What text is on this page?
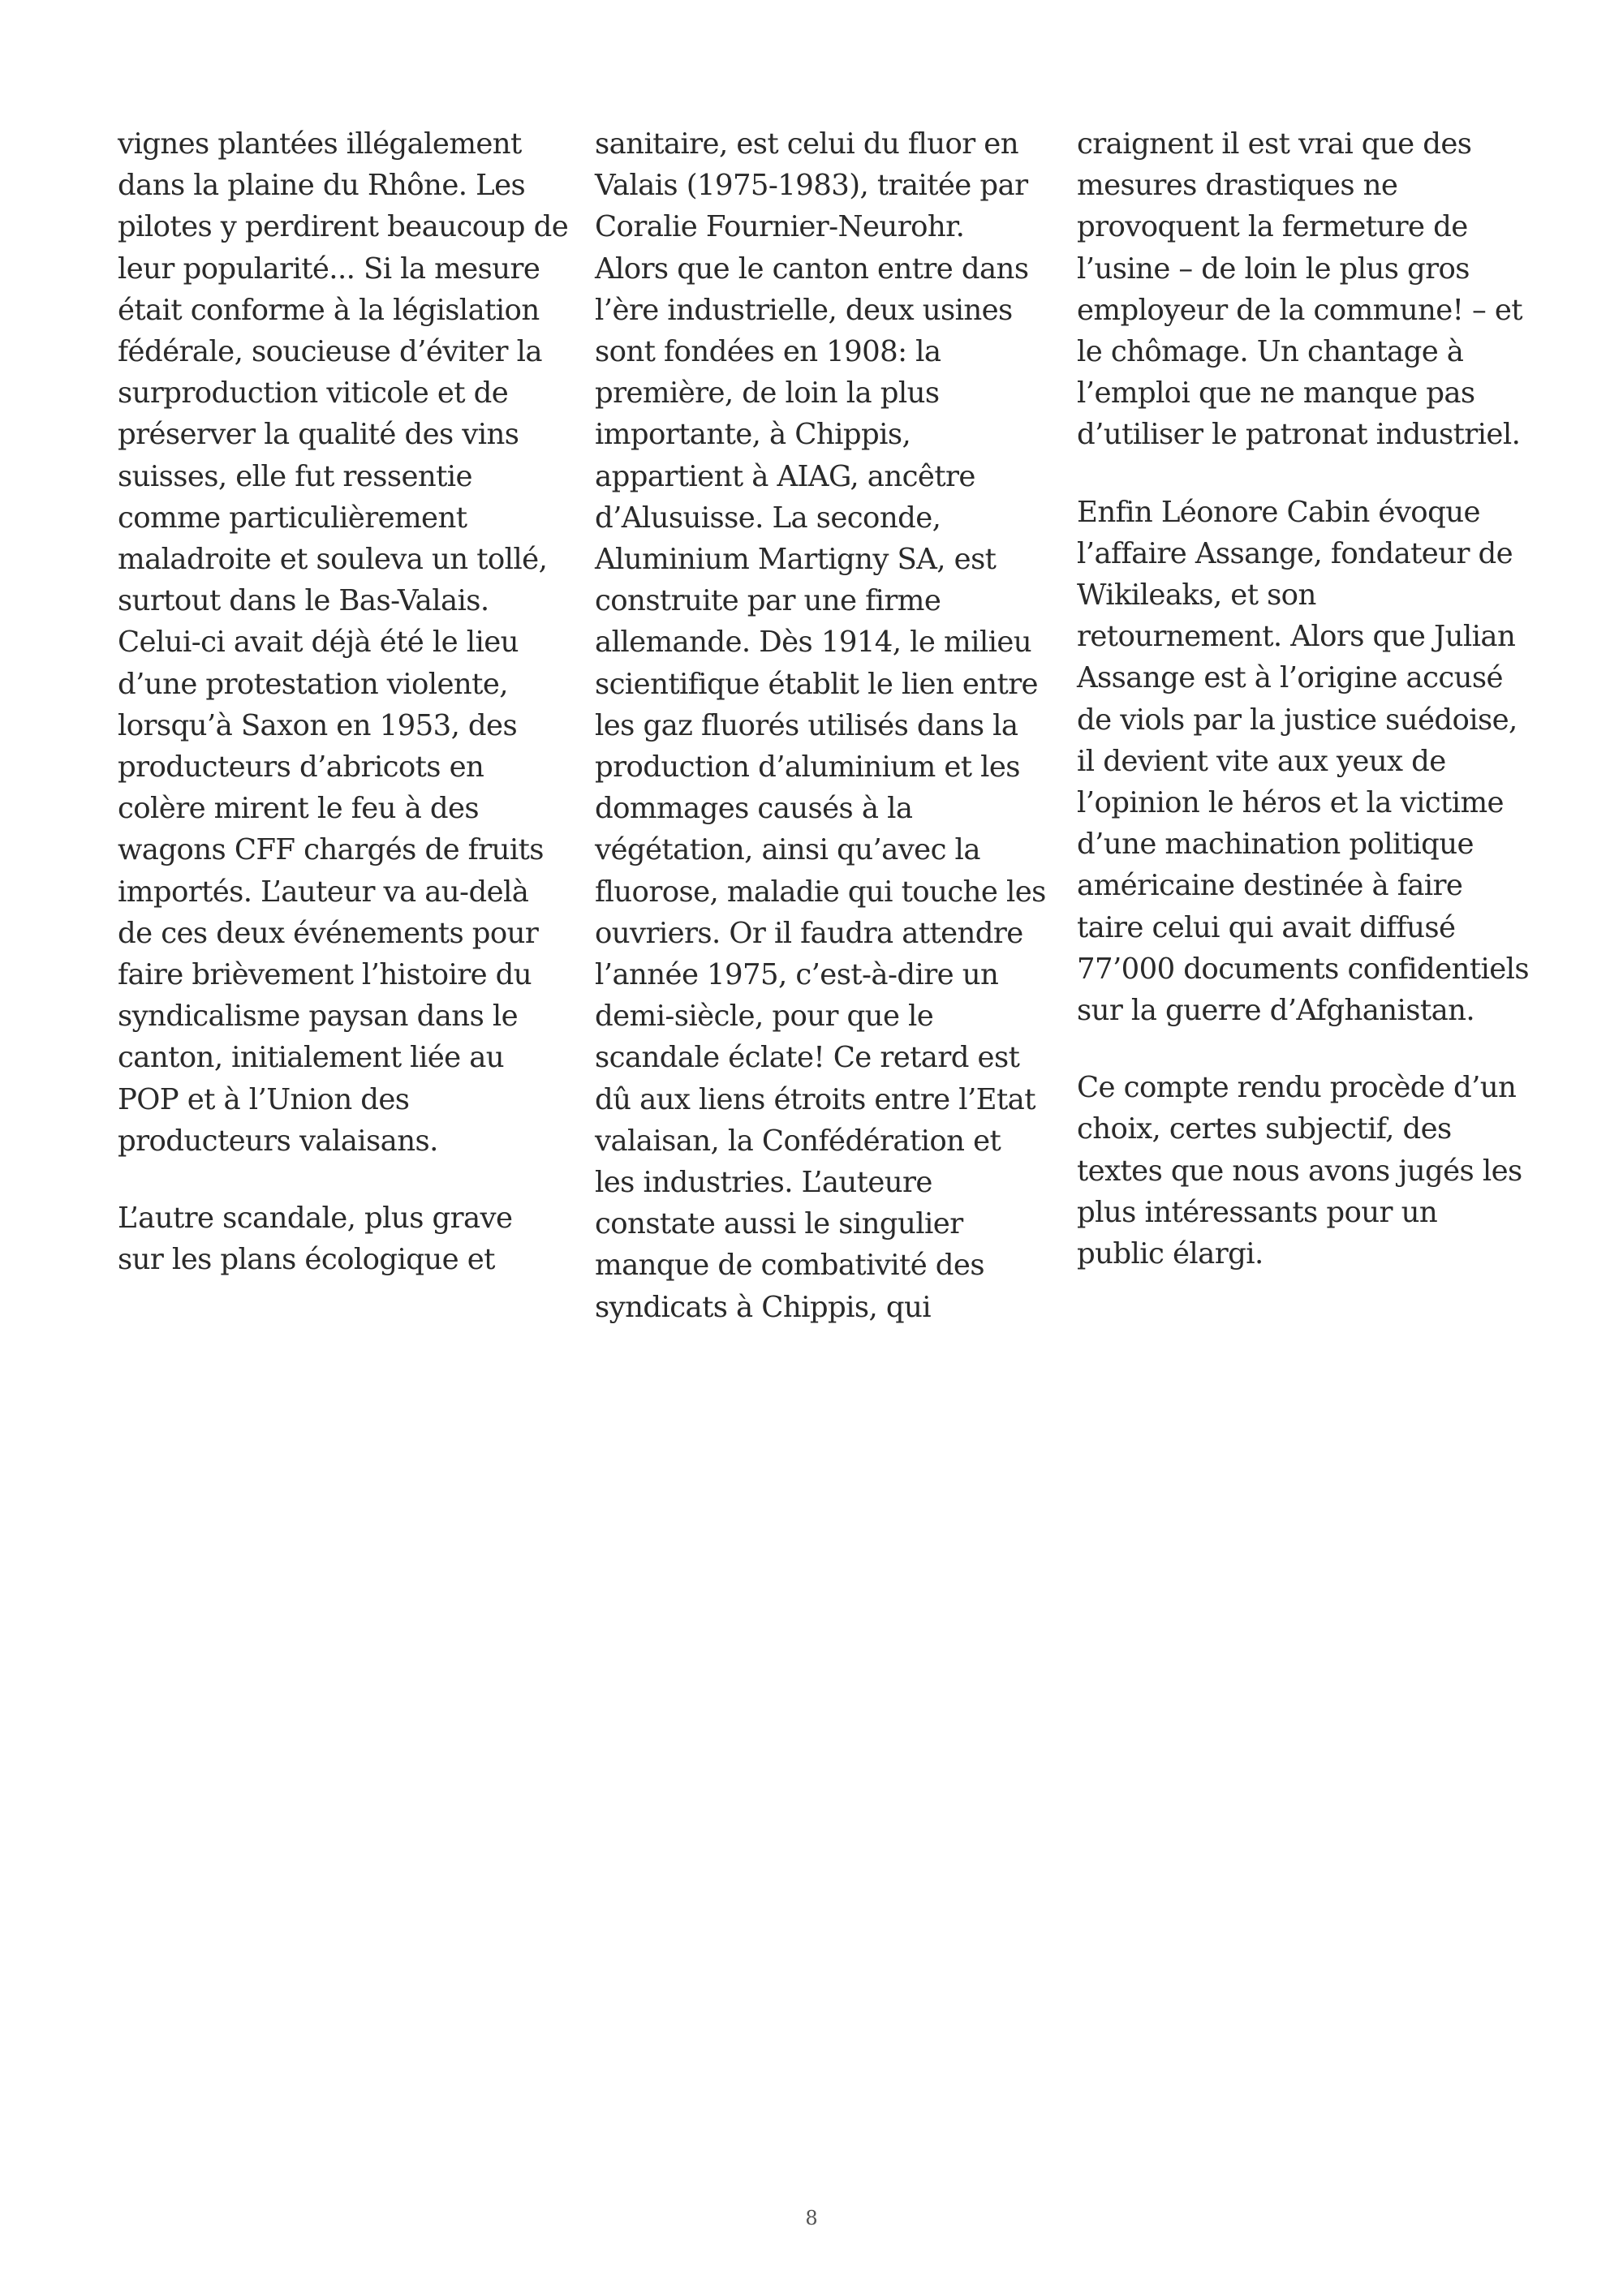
vignes plantées illégalement
dans la plaine du Rhône. Les
pilotes y perdirent beaucoup de
leur popularité... Si la mesure
était conforme à la législation
fédérale, soucieuse d’éviter la
surproduction viticole et de
préserver la qualité des vins
suisses, elle fut ressentie
comme particulièrement
maladroite et souleva un tollé,
surtout dans le Bas-Valais.
Celui-ci avait déjà été le lieu
d’une protestation violente,
lorsqu’à Saxon en 1953, des
producteurs d’abricots en
colère mirent le feu à des
wagons CFF chargés de fruits
importés. L’auteur va au-delà
de ces deux événements pour
faire brièvement l’histoire du
syndicalisme paysan dans le
canton, initialement liée au
POP et à l’Union des
producteurs valaisans.

L’autre scandale, plus grave
sur les plans écologique et

sanitaire, est celui du fluor en
Valais (1975-1983), traitée par
Coralie Fournier-Neurohr.
Alors que le canton entre dans
l’ère industrielle, deux usines
sont fondées en 1908: la
première, de loin la plus
importante, à Chippis,
appartient à AIAG, ancêtre
d’Alusuisse. La seconde,
Aluminium Martigny SA, est
construite par une firme
allemande. Dès 1914, le milieu
scientifique établit le lien entre
les gaz fluorés utilisés dans la
production d’aluminium et les
dommages causés à la
végétation, ainsi qu’avec la
fluorose, maladie qui touche les
ouvriers. Or il faudra attendre
l’année 1975, c’est-à-dire un
demi-siècle, pour que le
scandale éclate! Ce retard est
dû aux liens étroits entre l’Etat
valaisan, la Confédération et
les industries. L’auteure
constate aussi le singulier
manque de combativité des
syndicats à Chippis, qui

craignent il est vrai que des
mesures drastiques ne
provoquent la fermeture de
l’usine – de loin le plus gros
employeur de la commune! – et
le chômage. Un chantage à
l’emploi que ne manque pas
d’utiliser le patronat industriel.

Enfin Léonore Cabin évoque
l’affaire Assange, fondateur de
Wikileaks, et son
retournement. Alors que Julian
Assange est à l’origine accusé
de viols par la justice suédoise,
il devient vite aux yeux de
l’opinion le héros et la victime
d’une machination politique
américaine destinée à faire
taire celui qui avait diffusé
77’000 documents confidentiels
sur la guerre d’Afghanistan.

Ce compte rendu procède d’un
choix, certes subjectif, des
textes que nous avons jugés les
plus intéressants pour un
public élargi.

8
